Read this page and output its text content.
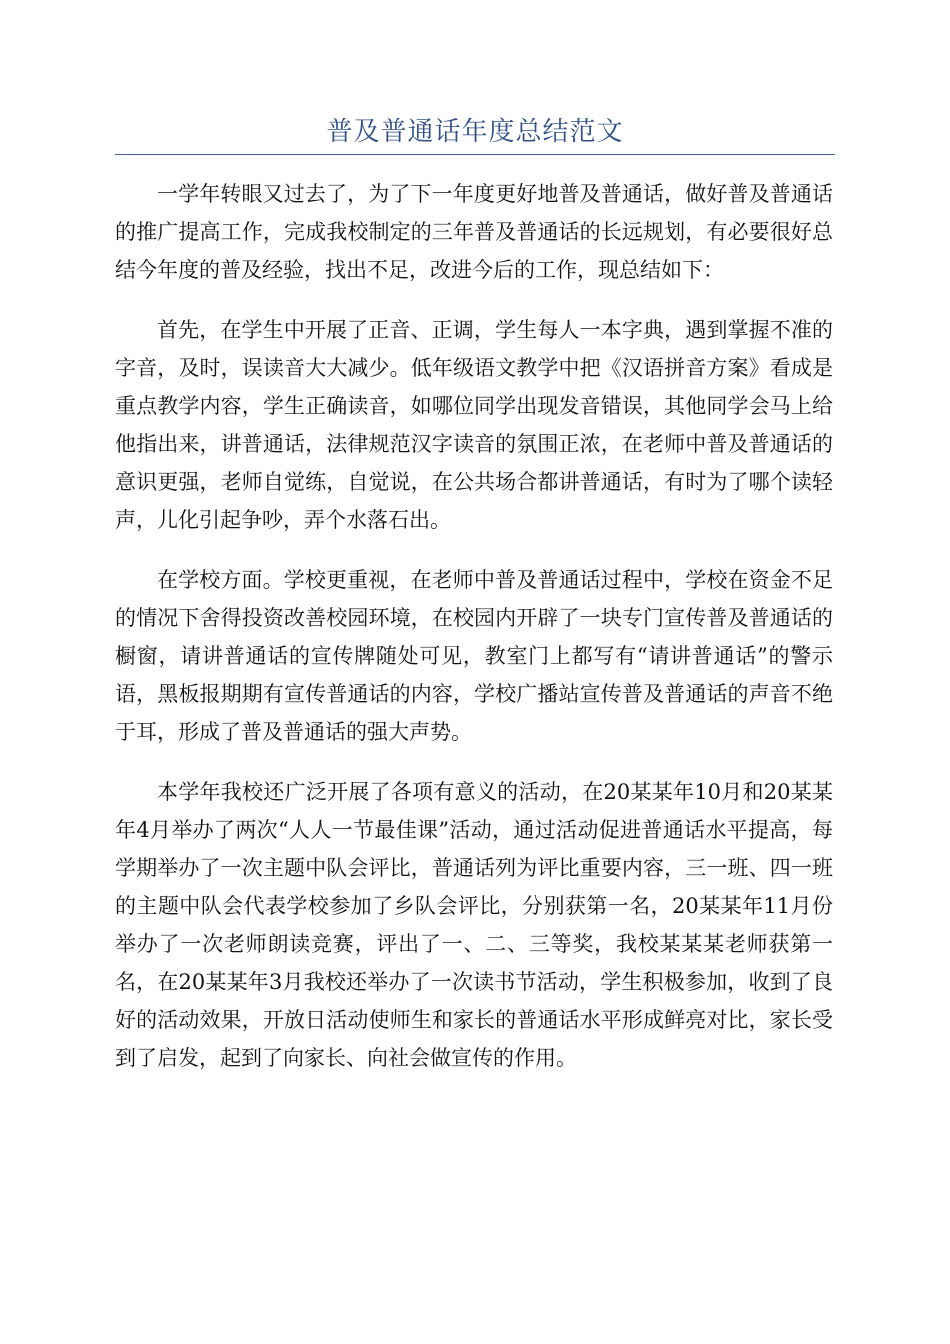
普及普通话年度总结范文

一学年转眼又过去了，为了下一年度更好地普及普通话，做好普及普通话的推广提高工作，完成我校制定的三年普及普通话的长远规划，有必要很好总结今年度的普及经验，找出不足，改进今后的工作，现总结如下：

首先，在学生中开展了正音、正调，学生每人一本字典，遇到掌握不准的字音，及时，误读音大大减少。低年级语文教学中把《汉语拼音方案》看成是重点教学内容，学生正确读音，如哪位同学出现发音错误，其他同学会马上给他指出来，讲普通话，法律规范汉字读音的氛围正浓，在老师中普及普通话的意识更强，老师自觉练，自觉说，在公共场合都讲普通话，有时为了哪个读轻声，儿化引起争吵，弄个水落石出。

在学校方面。学校更重视，在老师中普及普通话过程中，学校在资金不足的情况下舍得投资改善校园环境，在校园内开辟了一块专门宣传普及普通话的橱窗，请讲普通话的宣传牌随处可见，教室门上都写有“请讲普通话”的警示语，黑板报期期有宣传普通话的内容，学校广播站宣传普及普通话的声音不绝于耳，形成了普及普通话的强大声势。

本学年我校还广泛开展了各项有意义的活动，在20某某年10月和20某某年4月举办了两次“人人一节最佳课”活动，通过活动促进普通话水平提高，每学期举办了一次主题中队会评比，普通话列为评比重要内容，三一班、四一班的主题中队会代表学校参加了乡队会评比，分别获第一名，20某某年11月份举办了一次老师朗读竞赛，评出了一、二、三等奖，我校某某某老师获第一名，在20某某年3月我校还举办了一次读书节活动，学生积极参加，收到了良好的活动效果，开放日活动使师生和家长的普通话水平形成鲜亮对比，家长受到了启发，起到了向家长、向社会做宣传的作用。
